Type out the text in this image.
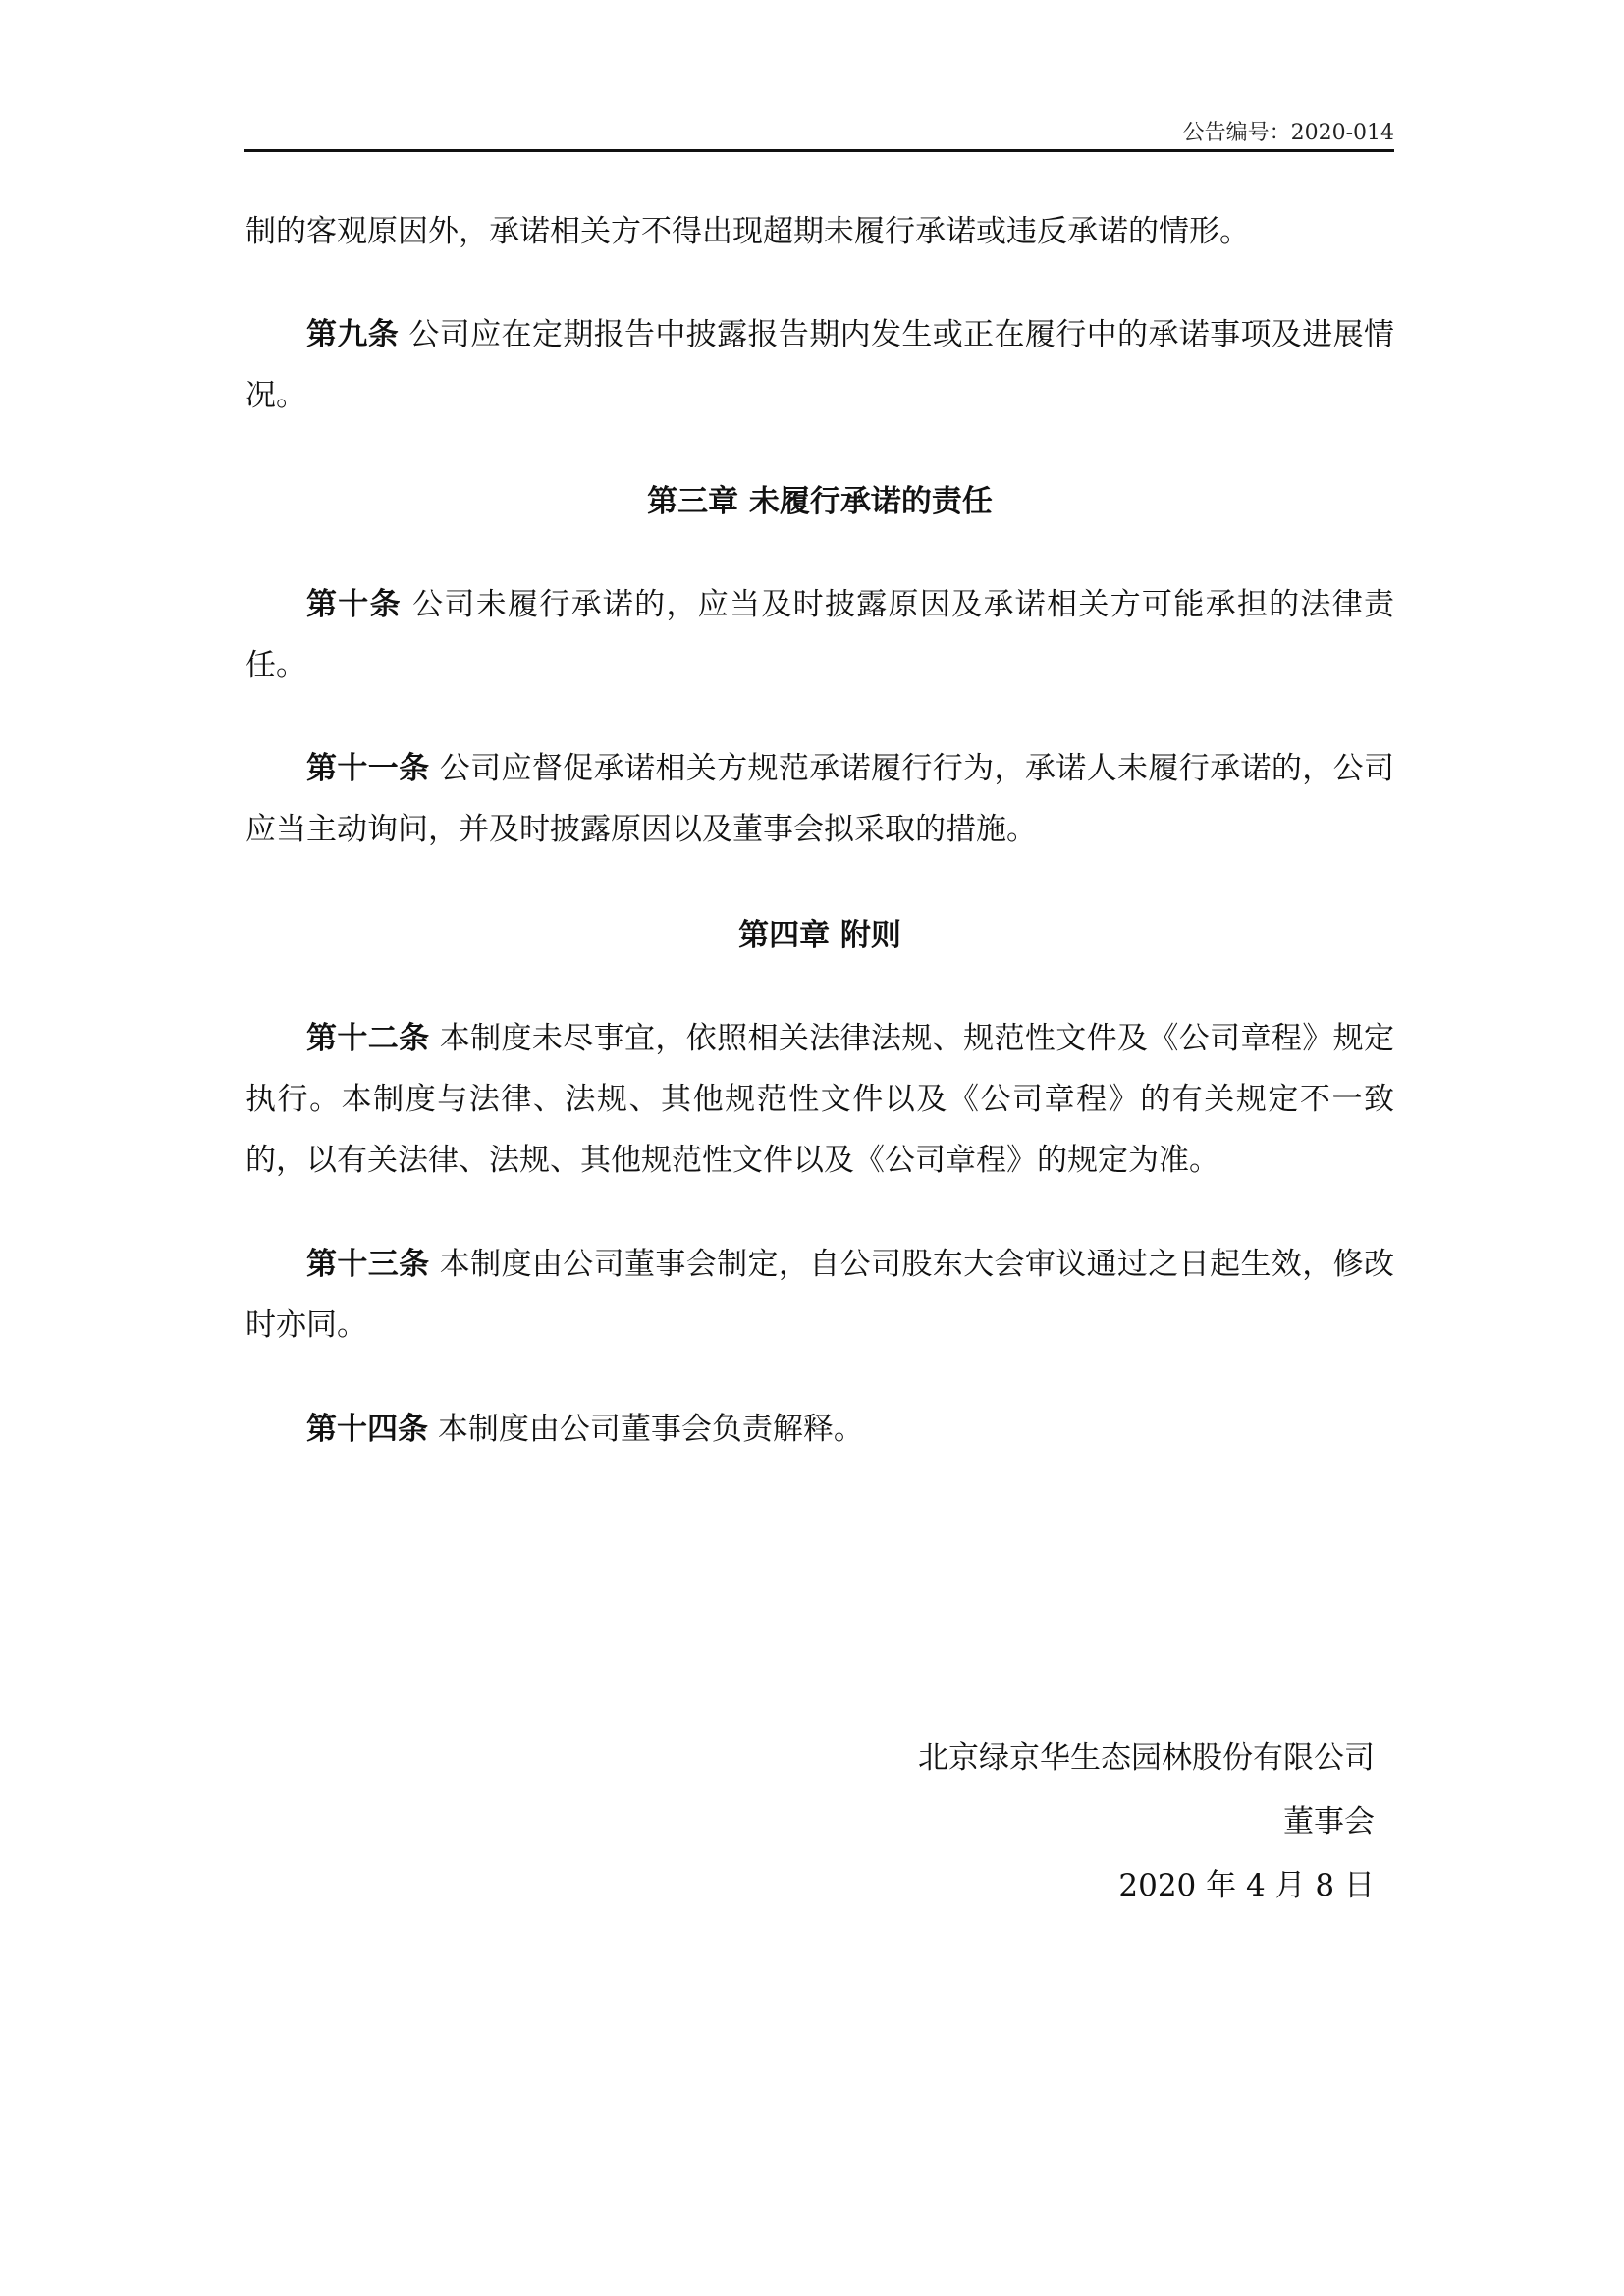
公告编号：2020-014

制的客观原因外，承诺相关方不得出现超期未履行承诺或违反承诺的情形。

第九条 公司应在定期报告中披露报告期内发生或正在履行中的承诺事项及进展情况。

第三章 未履行承诺的责任

第十条 公司未履行承诺的，应当及时披露原因及承诺相关方可能承担的法律责任。

第十一条 公司应督促承诺相关方规范承诺履行行为，承诺人未履行承诺的，公司应当主动询问，并及时披露原因以及董事会拟采取的措施。

第四章 附则

第十二条 本制度未尽事宜，依照相关法律法规、规范性文件及《公司章程》规定执行。本制度与法律、法规、其他规范性文件以及《公司章程》的有关规定不一致的，以有关法律、法规、其他规范性文件以及《公司章程》的规定为准。

第十三条 本制度由公司董事会制定，自公司股东大会审议通过之日起生效，修改时亦同。

第十四条 本制度由公司董事会负责解释。

北京绿京华生态园林股份有限公司

董事会

2020 年 4 月 8 日
